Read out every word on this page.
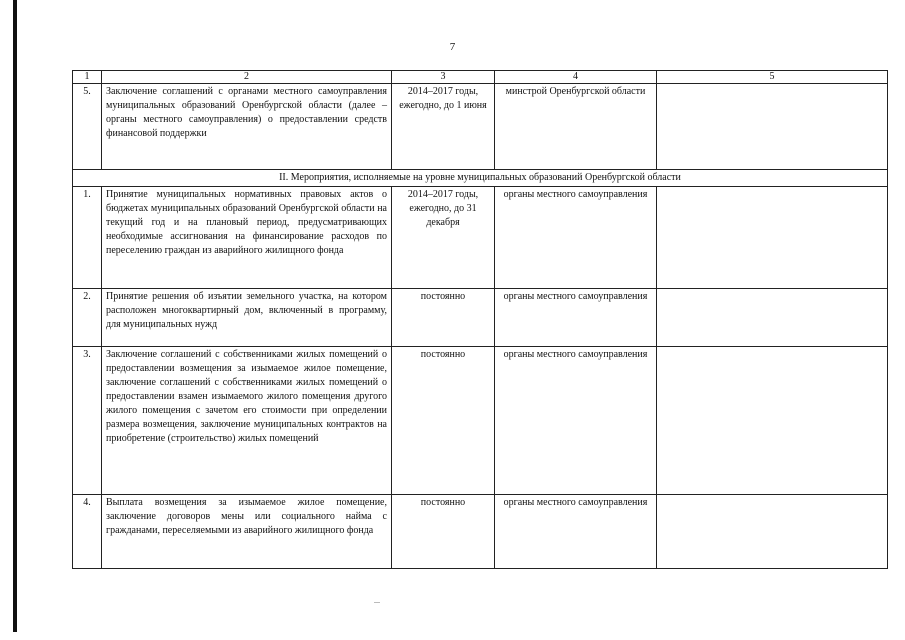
7
1	2	3	4	5
5.	Заключение соглашений с органами местного самоуправления муниципальных образований Оренбургской области (далее – органы местного самоуправления) о предоставлении средств финансовой поддержки	2014–2017 годы, ежегодно, до 1 июня	минстрой Оренбургской области	
II. Мероприятия, исполняемые на уровне муниципальных образований Оренбургской области				
1.	Принятие муниципальных нормативных правовых актов о бюджетах муниципальных образований Оренбургской области на текущий год и на плановый период, предусматривающих необходимые ассигнования на финансирование расходов по переселению граждан из аварийного жилищного фонда	2014–2017 годы, ежегодно, до 31 декабря	органы местного самоуправления	
2.	Принятие решения об изъятии земельного участка, на котором расположен многоквартирный дом, включенный в программу, для муниципальных нужд	постоянно	органы местного самоуправления	
3.	Заключение соглашений с собственниками жилых помещений о предоставлении возмещения за изымаемое жилое помещение, заключение соглашений с собственниками жилых помещений о предоставлении взамен изымаемого жилого помещения другого жилого помещения с зачетом его стоимости при определении размера возмещения, заключение муниципальных контрактов на приобретение (строительство) жилых помещений	постоянно	органы местного самоуправления	
4.	Выплата возмещения за изымаемое жилое помещение, заключение договоров мены или социального найма с гражданами, переселяемыми из аварийного жилищного фонда	постоянно	органы местного самоуправления	
